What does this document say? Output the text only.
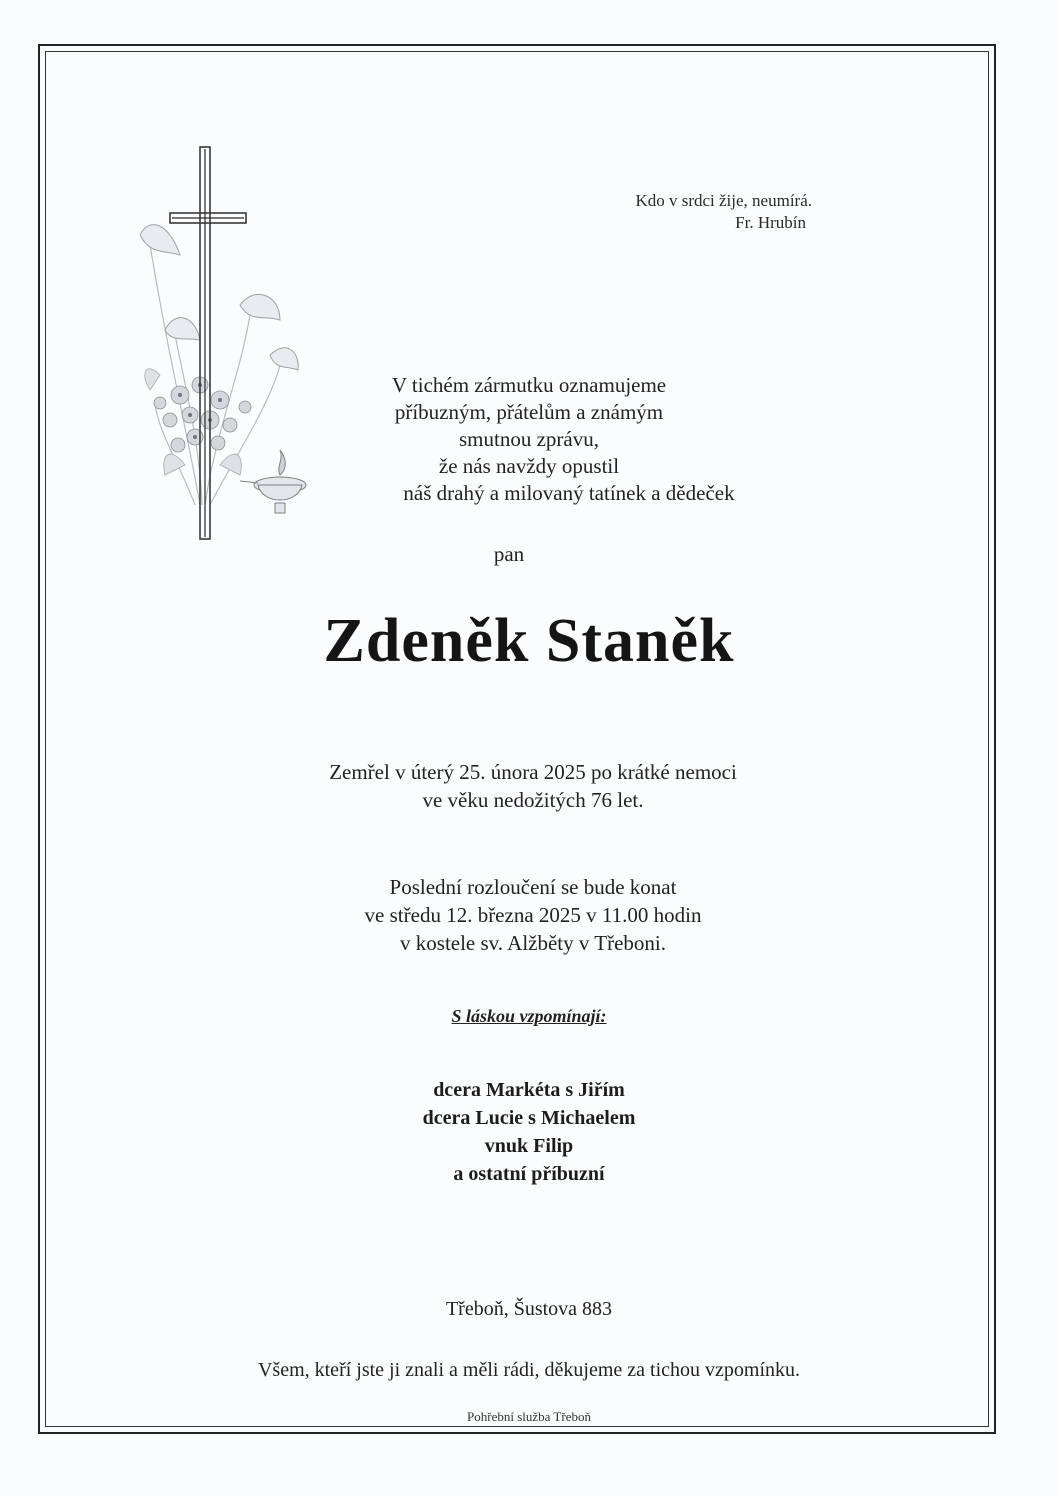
Kdo v srdci žije, neumírá.
Fr. Hrubín
V tichém zármutku oznamujeme
příbuzným, přátelům a známým
smutnou zprávu,
že nás navždy opustil
náš drahý a milovaný tatínek a dědeček
pan
Zdeněk Staněk
Zemřel v úterý 25. února 2025 po krátké nemoci
ve věku nedožitých 76 let.
Poslední rozloučení se bude konat
ve středu 12. března 2025 v 11.00 hodin
v kostele sv. Alžběty v Třeboni.
S láskou vzpomínají:
dcera Markéta s Jiřím
dcera Lucie s Michaelem
vnuk Filip
a ostatní příbuzní
Třeboň, Šustova 883
Všem, kteří jste ji znali a měli rádi, děkujeme za tichou vzpomínku.
Pohřební služba Třeboň
